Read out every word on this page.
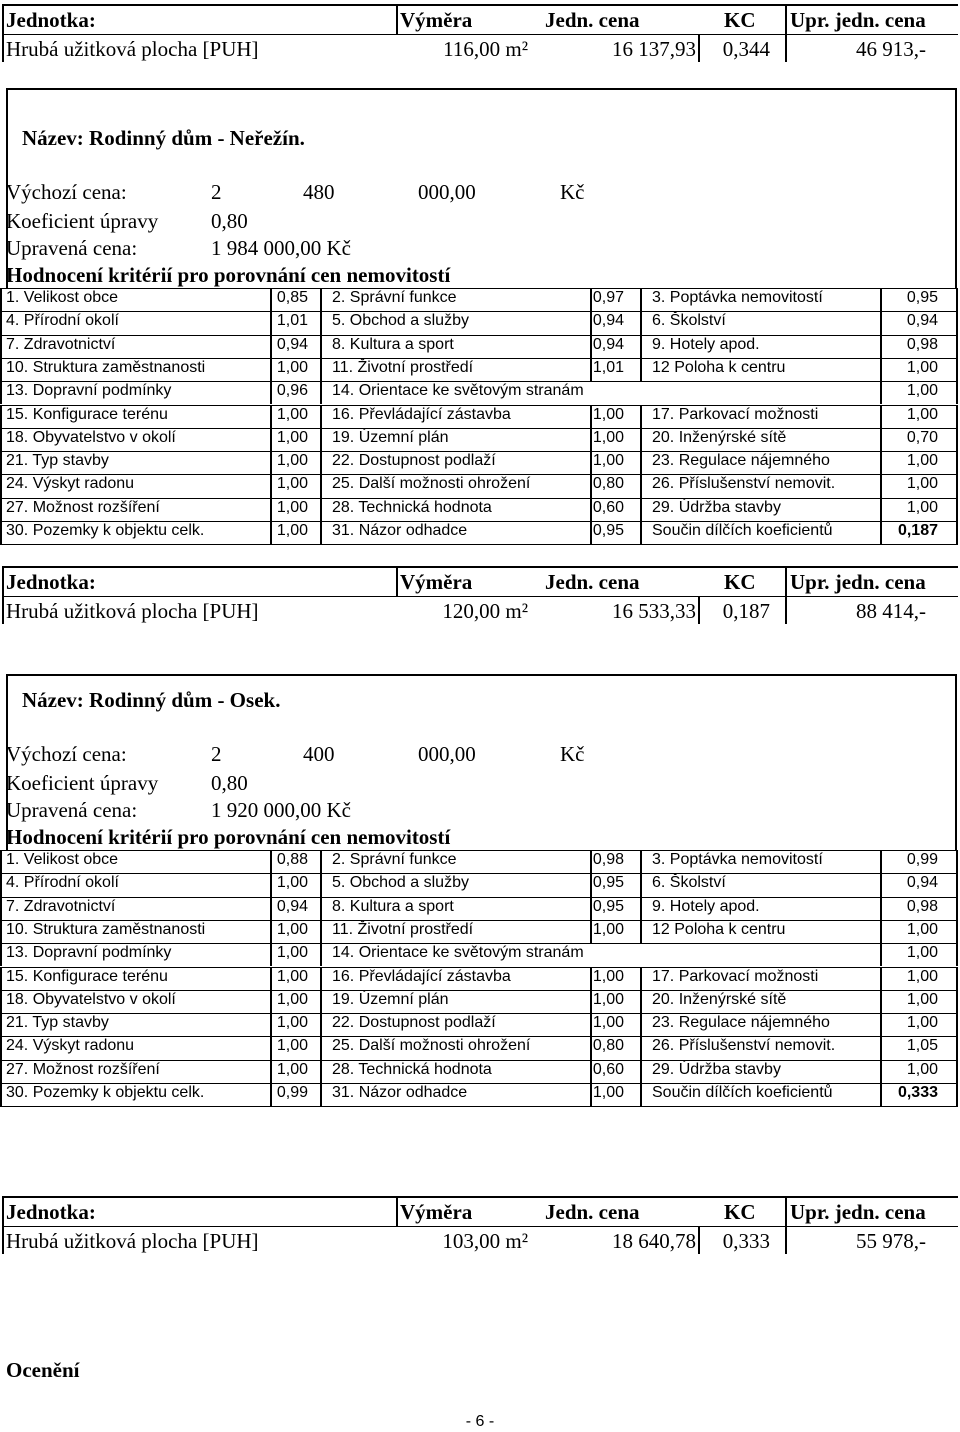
Jednotka:	Výměra	Jedn. cena	KC Upr. jedn. cena
Hrubá užitková plocha [PUH]	116,00 m²	16 137,93	0,344	46 913,-
Název: Rodinný dům - Neřežín.
Výchozí cena:	2	480	000,00	Kč
Koeficient úpravy	0,80
Upravená cena:	1 984 000,00 Kč
Hodnocení kritérií pro porovnání cen nemovitostí
1. Velikost obce	0,85 2. Správní funkce	0,97 3. Poptávka nemovitostí	0,95
4. Přírodní okolí	1,01 5. Obchod a služby	0,94 6. Školství	0,94
7. Zdravotnictví	0,94 8. Kultura a sport	0,94 9. Hotely apod.	0,98
10. Struktura zaměstnanosti	1,00 11. Životní prostředí	1,01 12 Poloha k centru	1,00
13. Dopravní podmínky	0,96 14. Orientace ke světovým stranám	1,00
15. Konfigurace terénu	1,00 16. Převládající zástavba	1,00 17. Parkovací možnosti	1,00
18. Obyvatelstvo v okolí	1,00 19. Územní plán	1,00 20. Inženýrské sítě	0,70
21. Typ stavby	1,00 22. Dostupnost podlaží	1,00 23. Regulace nájemného	1,00
24. Výskyt radonu	1,00 25. Další možnosti ohrožení	0,80 26. Příslušenství nemovit.	1,00
27. Možnost rozšíření	1,00 28. Technická hodnota	0,60 29. Údržba stavby	1,00
30. Pozemky k objektu celk.	1,00 31. Názor odhadce	0,95 Součin dílčích koeficientů	0,187
Jednotka:	Výměra	Jedn. cena	KC Upr. jedn. cena
Hrubá užitková plocha [PUH]	120,00 m²	16 533,33	0,187	88 414,-
Název: Rodinný dům - Osek.
Výchozí cena:	2	400	000,00	Kč
Koeficient úpravy	0,80
Upravená cena:	1 920 000,00 Kč
Hodnocení kritérií pro porovnání cen nemovitostí
1. Velikost obce	0,88 2. Správní funkce	0,98 3. Poptávka nemovitostí	0,99
4. Přírodní okolí	1,00 5. Obchod a služby	0,95 6. Školství	0,94
7. Zdravotnictví	0,94 8. Kultura a sport	0,95 9. Hotely apod.	0,98
10. Struktura zaměstnanosti	1,00 11. Životní prostředí	1,00 12 Poloha k centru	1,00
13. Dopravní podmínky	1,00 14. Orientace ke světovým stranám	1,00
15. Konfigurace terénu	1,00 16. Převládající zástavba	1,00 17. Parkovací možnosti	1,00
18. Obyvatelstvo v okolí	1,00 19. Územní plán	1,00 20. Inženýrské sítě	1,00
21. Typ stavby	1,00 22. Dostupnost podlaží	1,00 23. Regulace nájemného	1,00
24. Výskyt radonu	1,00 25. Další možnosti ohrožení	0,80 26. Příslušenství nemovit.	1,05
27. Možnost rozšíření	1,00 28. Technická hodnota	0,60 29. Údržba stavby	1,00
30. Pozemky k objektu celk.	0,99 31. Názor odhadce	1,00 Součin dílčích koeficientů	0,333
Jednotka:	Výměra	Jedn. cena	KC Upr. jedn. cena
Hrubá užitková plocha [PUH]	103,00 m²	18 640,78	0,333	55 978,-
Ocenění
- 6 -
